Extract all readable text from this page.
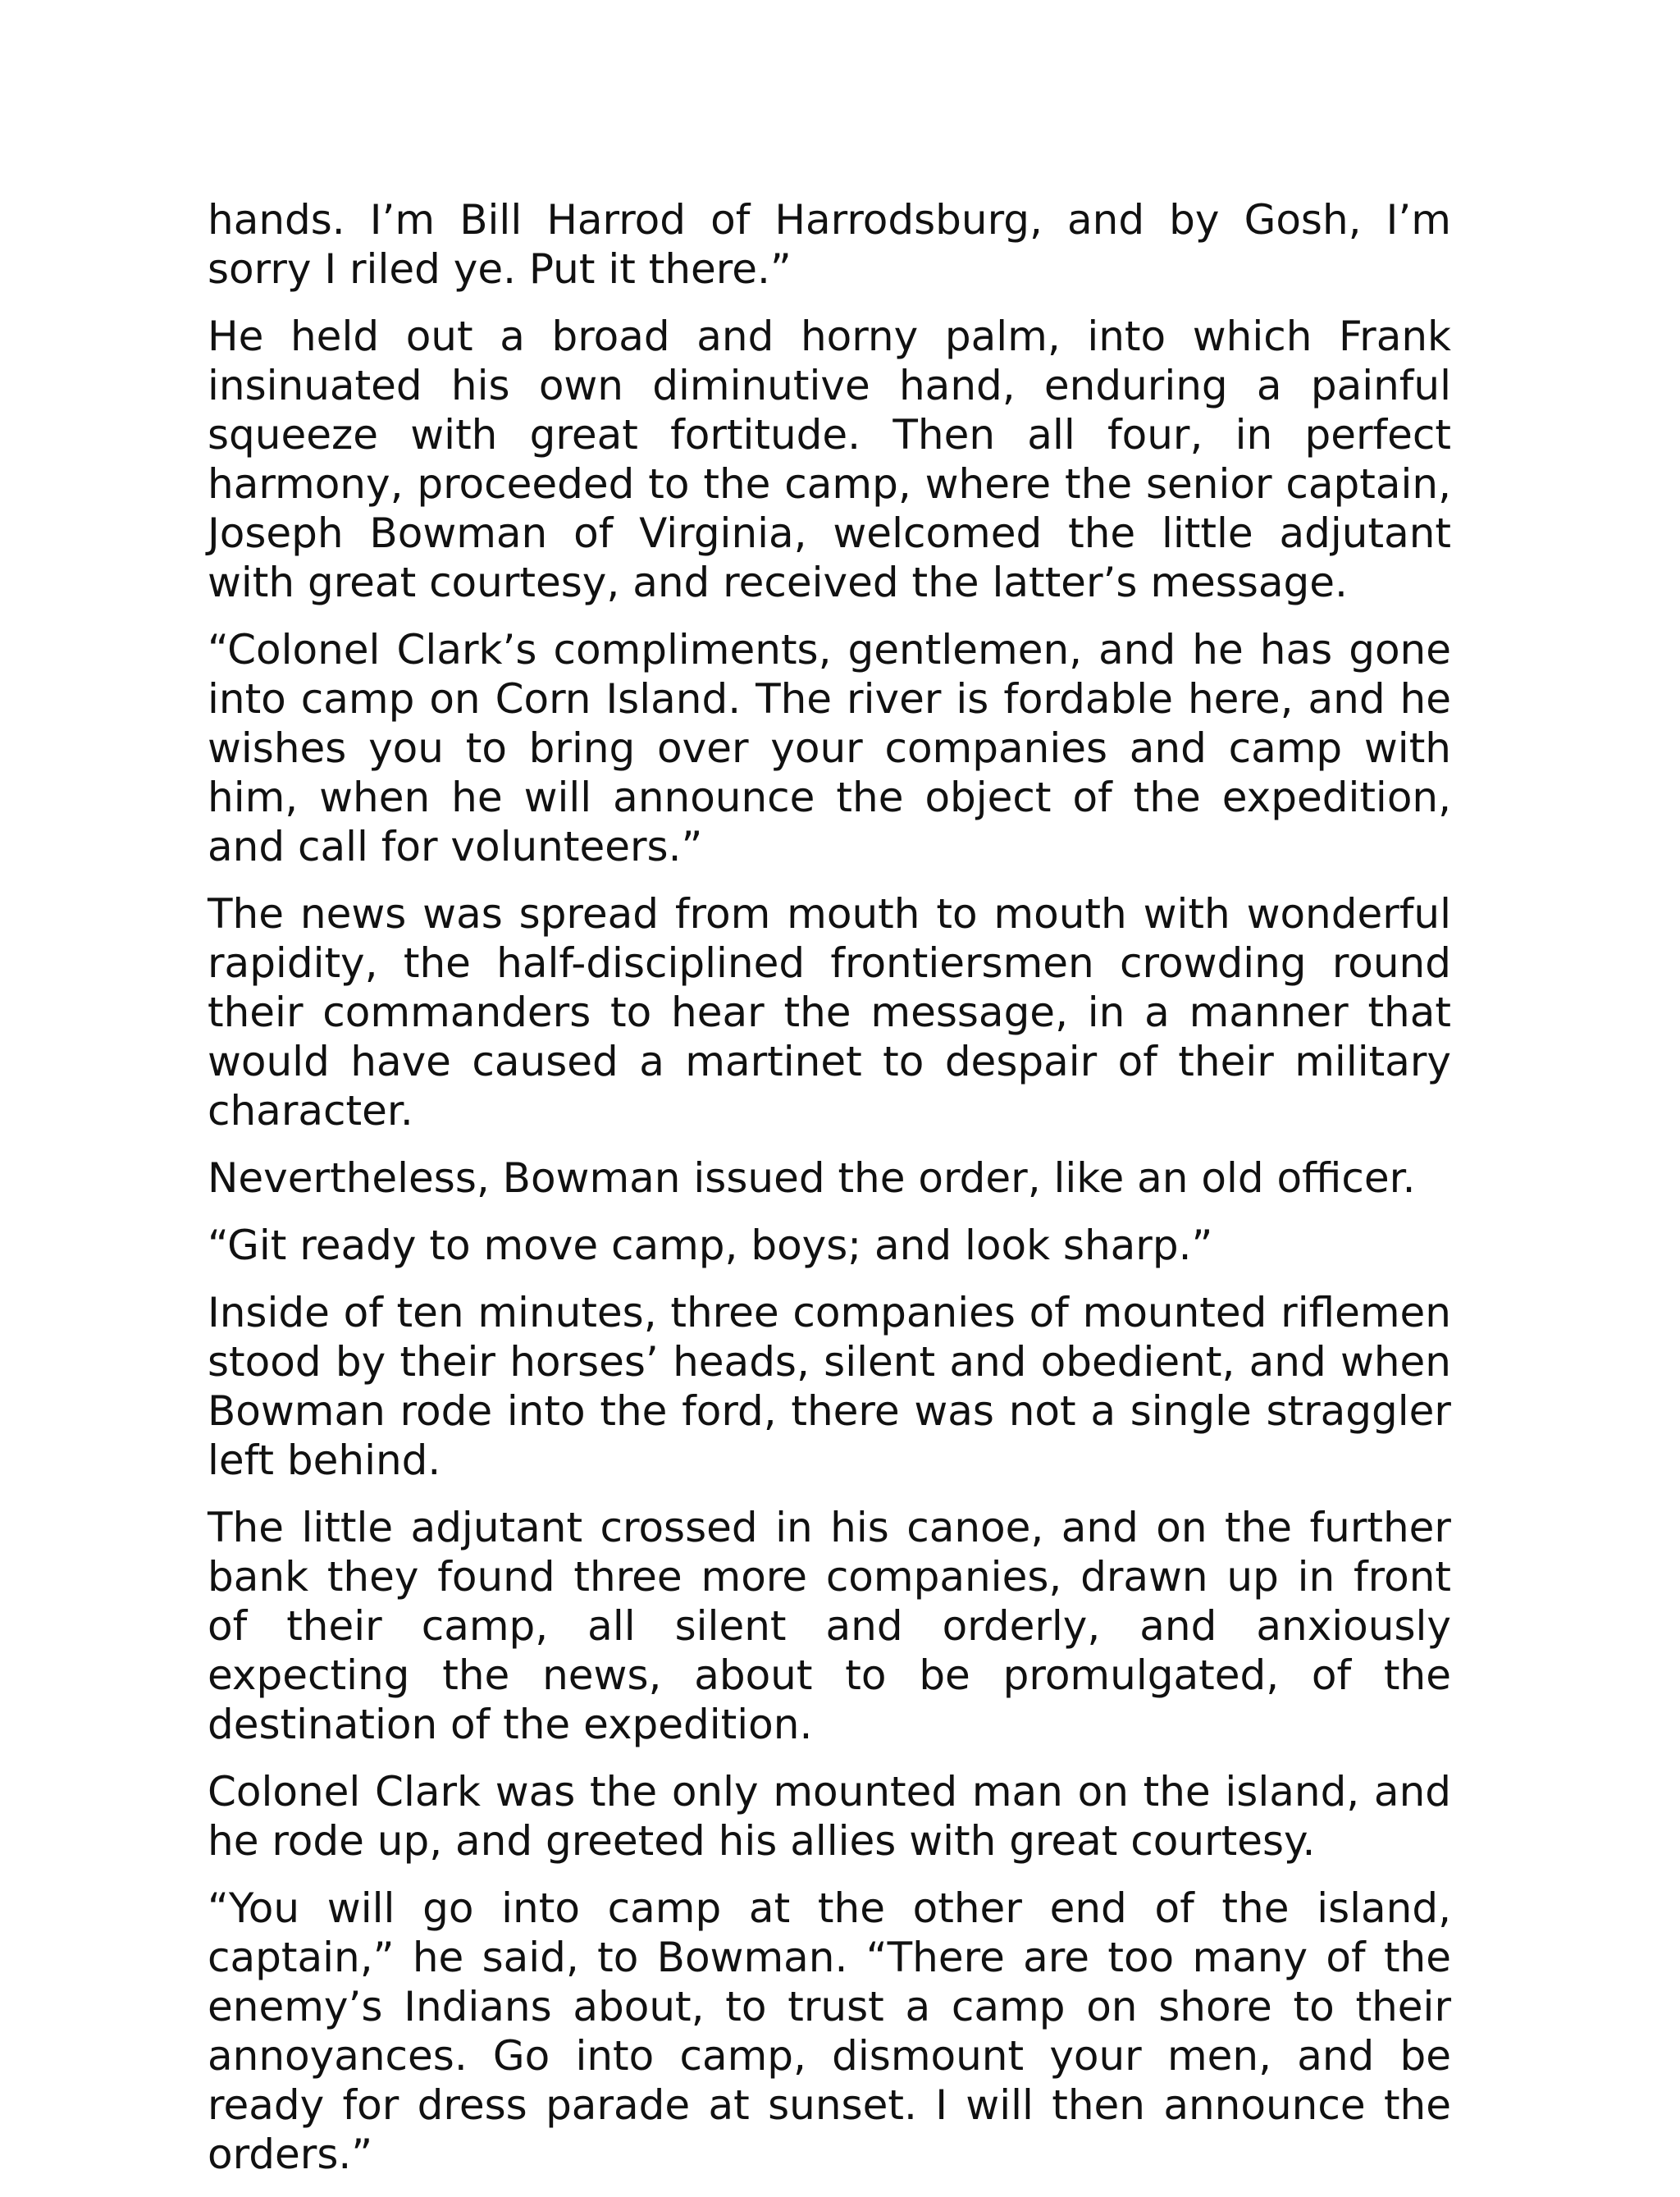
hands. I’m Bill Harrod of Harrodsburg, and by Gosh, I’m sorry I riled ye. Put it there.”

He held out a broad and horny palm, into which Frank insinuated his own diminutive hand, enduring a painful squeeze with great fortitude. Then all four, in perfect harmony, proceeded to the camp, where the senior captain, Joseph Bowman of Virginia, welcomed the little adjutant with great courtesy, and received the latter’s message.

“Colonel Clark’s compliments, gentlemen, and he has gone into camp on Corn Island. The river is fordable here, and he wishes you to bring over your companies and camp with him, when he will announce the object of the expedition, and call for volunteers.”

The news was spread from mouth to mouth with wonderful rapidity, the half-disciplined frontiersmen crowding round their commanders to hear the message, in a manner that would have caused a martinet to despair of their military character.

Nevertheless, Bowman issued the order, like an old officer.

“Git ready to move camp, boys; and look sharp.”

Inside of ten minutes, three companies of mounted riflemen stood by their horses’ heads, silent and obedient, and when Bowman rode into the ford, there was not a single straggler left behind.

The little adjutant crossed in his canoe, and on the further bank they found three more companies, drawn up in front of their camp, all silent and orderly, and anxiously expecting the news, about to be promulgated, of the destination of the expedition.

Colonel Clark was the only mounted man on the island, and he rode up, and greeted his allies with great courtesy.

“You will go into camp at the other end of the island, captain,” he said, to Bowman. “There are too many of the enemy’s Indians about, to trust a camp on shore to their annoyances. Go into camp, dismount your men, and be ready for dress parade at sunset. I will then announce the orders.”
